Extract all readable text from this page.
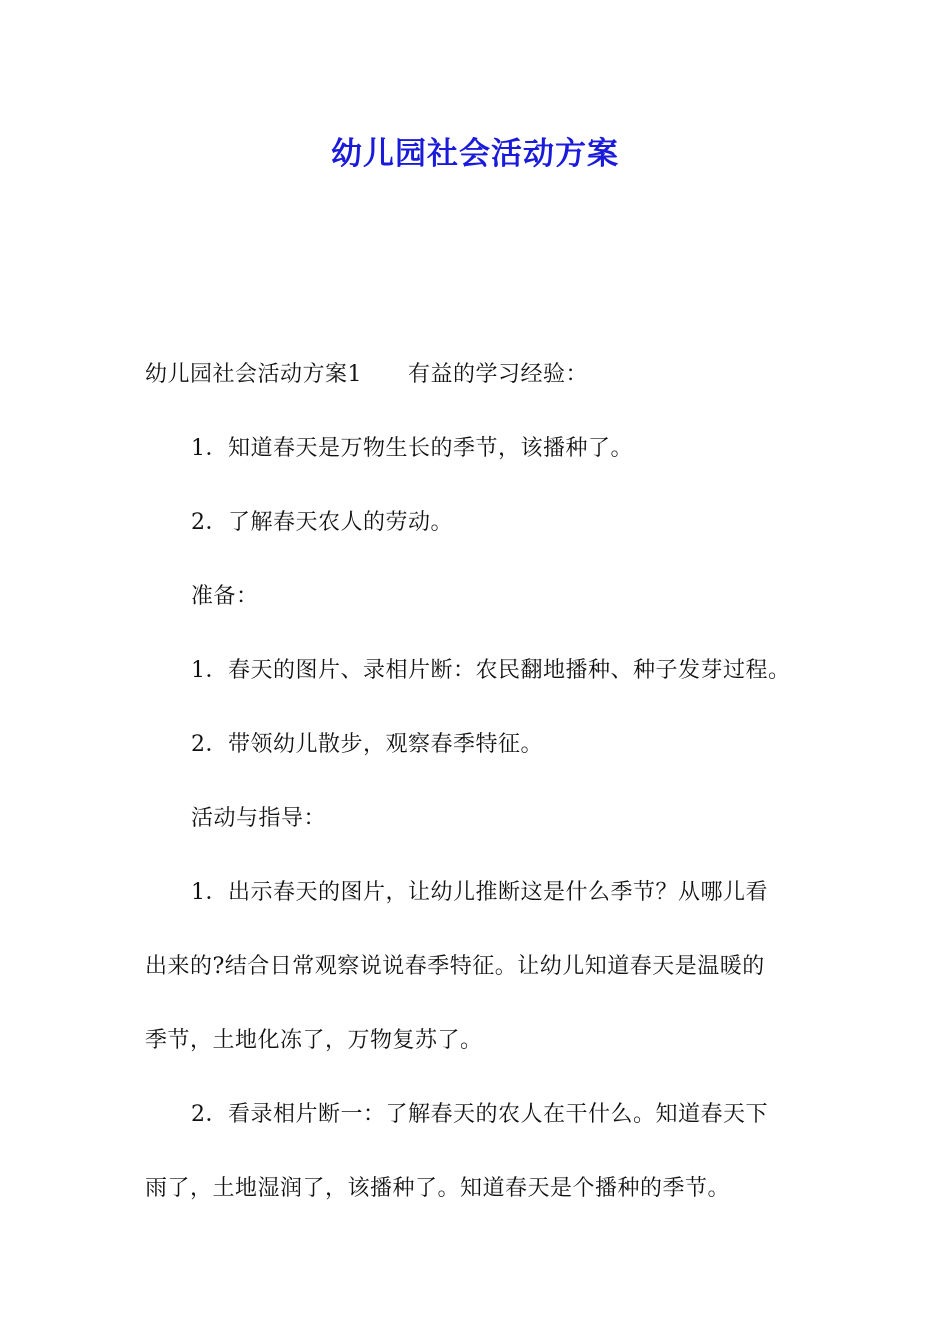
幼儿园社会活动方案
幼儿园社会活动方案1 有益的学习经验：
1．知道春天是万物生长的季节，该播种了。
2．了解春天农人的劳动。
准备：
1．春天的图片、录相片断：农民翻地播种、种子发芽过程。
2．带领幼儿散步，观察春季特征。
活动与指导：
1．出示春天的图片，让幼儿推断这是什么季节？从哪儿看
出来的?结合日常观察说说春季特征。让幼儿知道春天是温暖的
季节，土地化冻了，万物复苏了。
2．看录相片断一：了解春天的农人在干什么。知道春天下
雨了，土地湿润了，该播种了。知道春天是个播种的季节。
